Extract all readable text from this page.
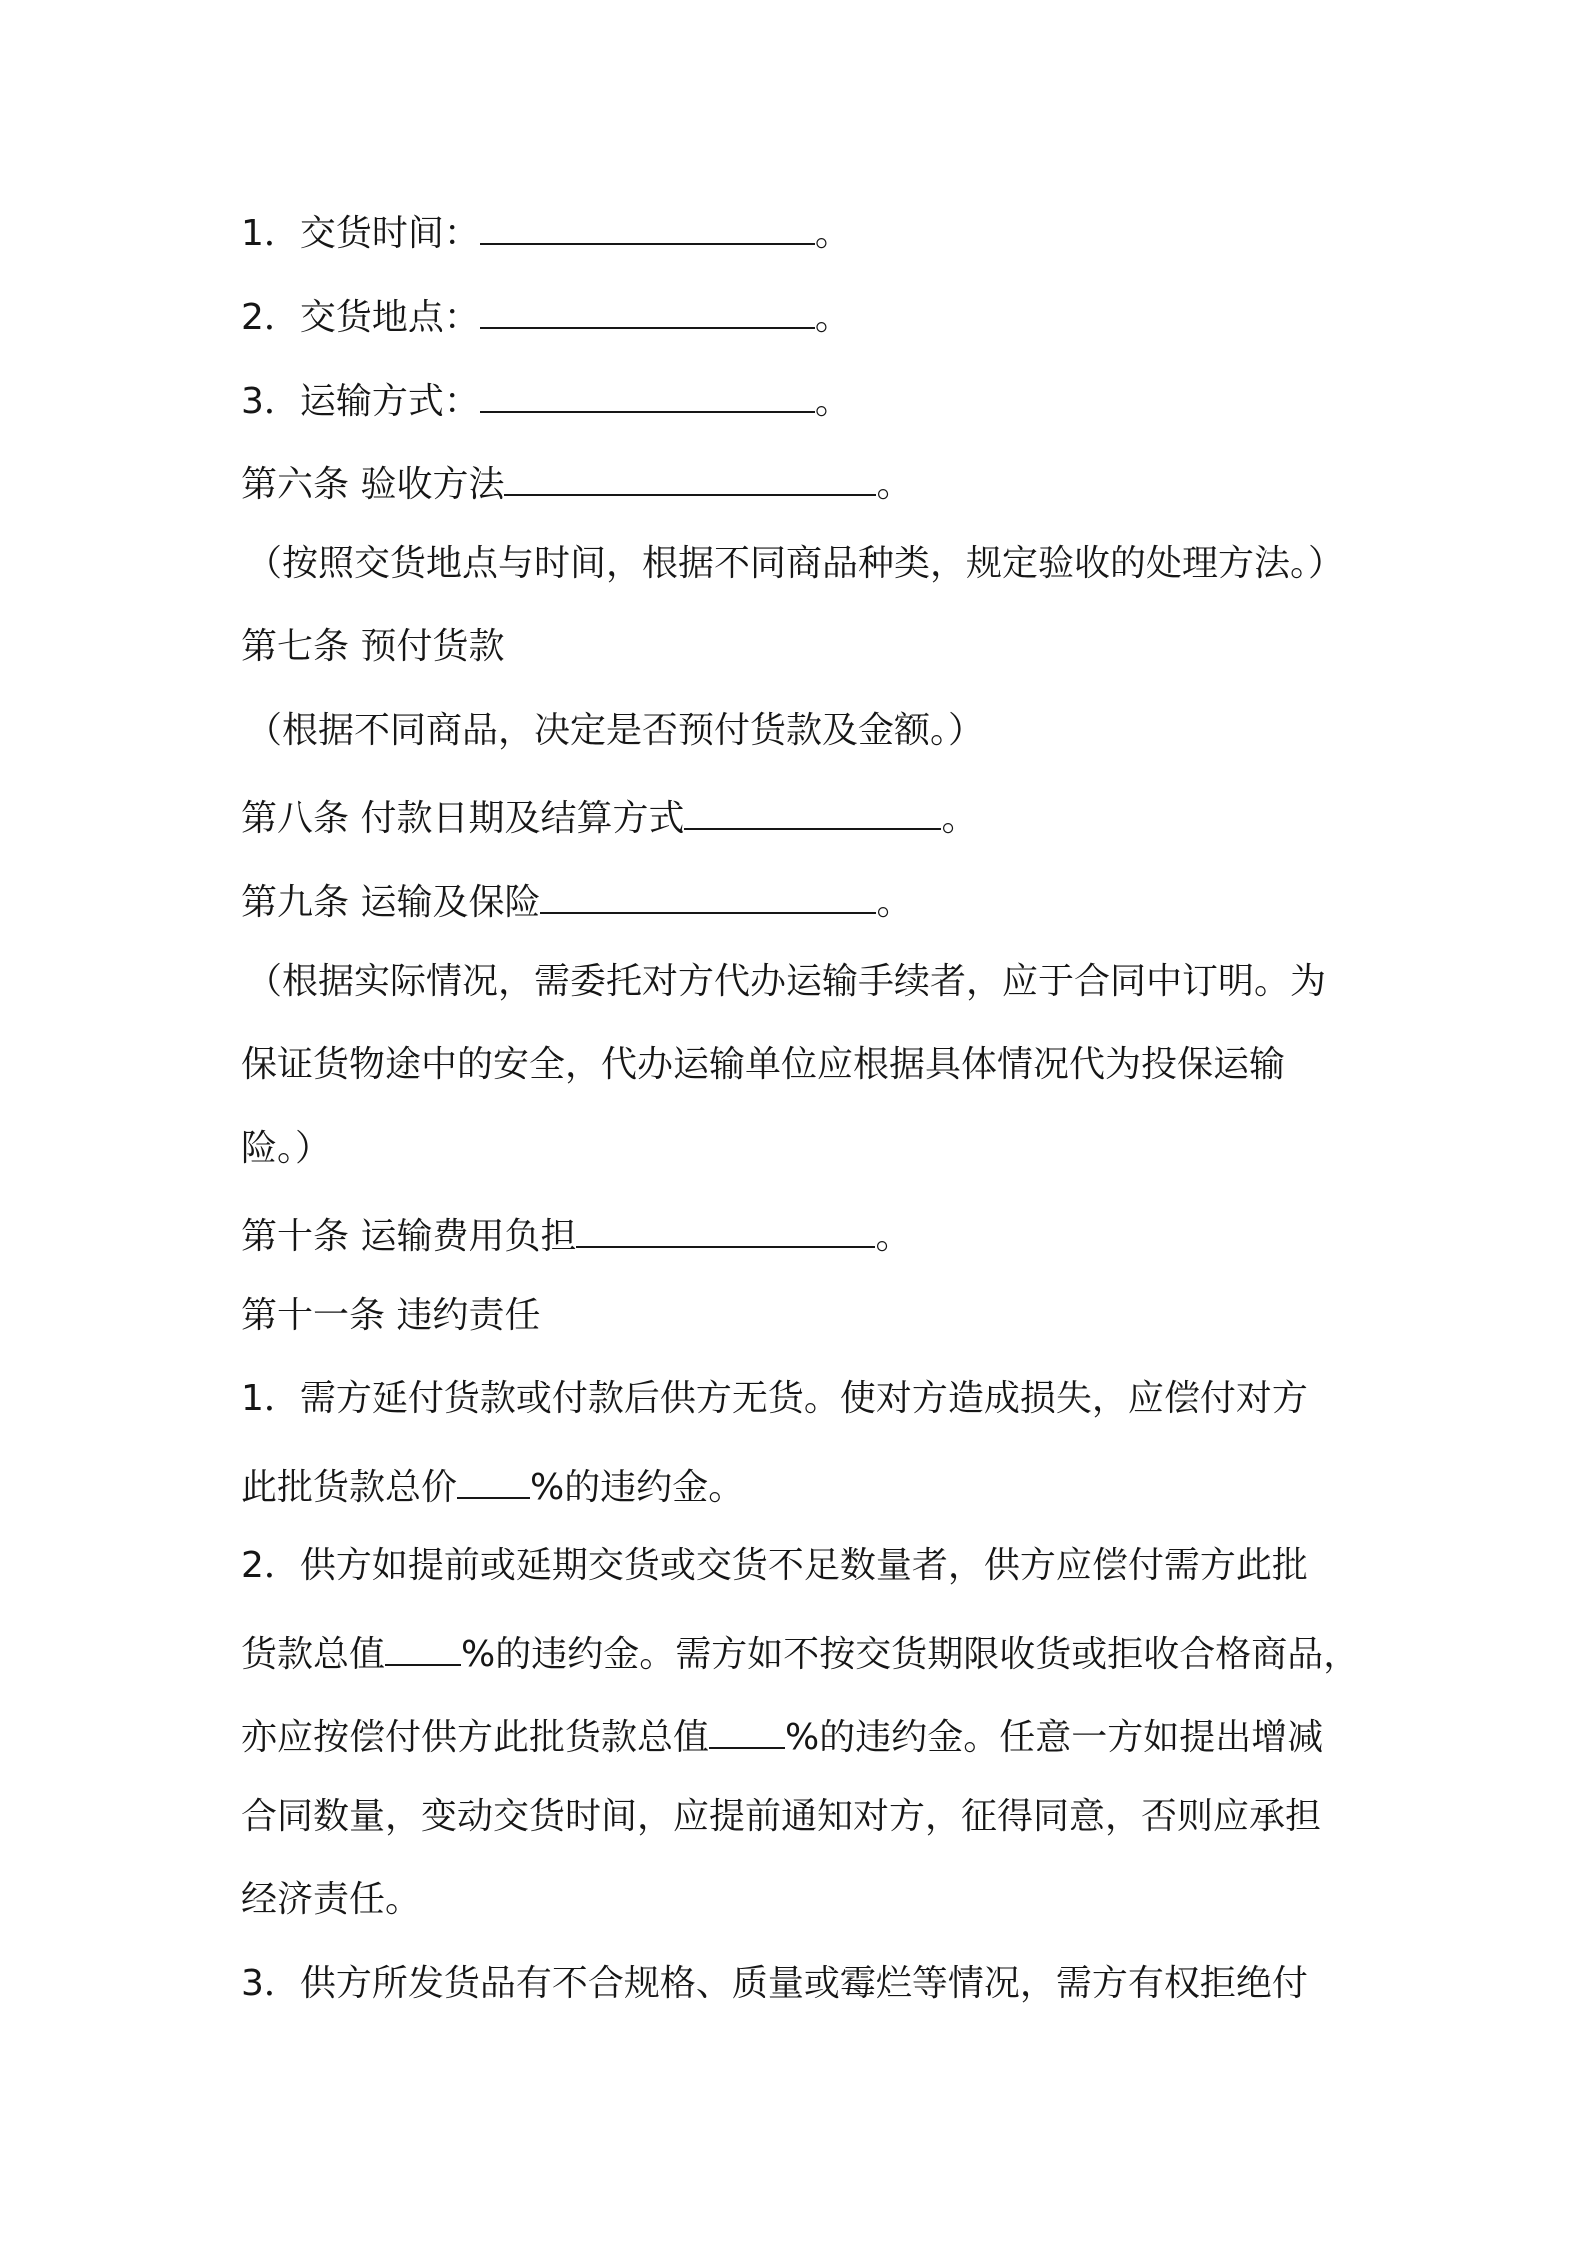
1．交货时间：	。
2．交货地点：	。
3．运输方式：	。
第六条 验收方法	。
（按照交货地点与时间，根据不同商品种类，规定验收的处理方法。）
第七条 预付货款
（根据不同商品，决定是否预付货款及金额。）
第八条 付款日期及结算方式	。
第九条 运输及保险	。
（根据实际情况，需委托对方代办运输手续者，应于合同中订明。为
保证货物途中的安全，代办运输单位应根据具体情况代为投保运输
险。）
第十条 运输费用负担	。
第十一条 违约责任
1．需方延付货款或付款后供方无货。使对方造成损失，应偿付对方
此批货款总价 %的违约金。
2．供方如提前或延期交货或交货不足数量者，供方应偿付需方此批
货款总值 %的违约金。需方如不按交货期限收货或拒收合格商品，
亦应按偿付供方此批货款总值 %的违约金。任意一方如提出增减
合同数量，变动交货时间，应提前通知对方，征得同意，否则应承担
经济责任。
3．供方所发货品有不合规格、质量或霉烂等情况，需方有权拒绝付
